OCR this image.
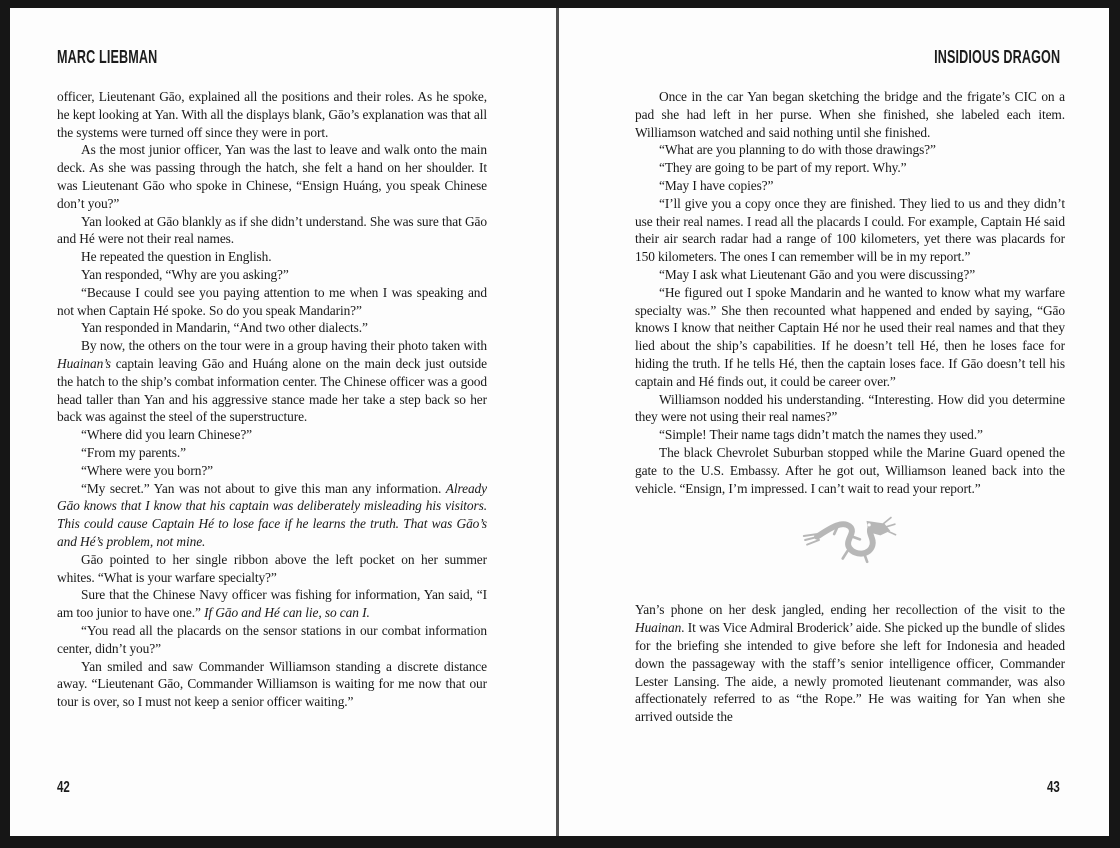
MARC LIEBMAN

officer, Lieutenant Gāo, explained all the positions and their roles. As he spoke, he kept looking at Yan. With all the displays blank, Gāo’s explanation was that all the systems were turned off since they were in port.

As the most junior officer, Yan was the last to leave and walk onto the main deck. As she was passing through the hatch, she felt a hand on her shoulder. It was Lieutenant Gāo who spoke in Chinese, “Ensign Huáng, you speak Chinese don’t you?”

Yan looked at Gāo blankly as if she didn’t understand. She was sure that Gāo and Hé were not their real names.

He repeated the question in English.

Yan responded, “Why are you asking?”

“Because I could see you paying attention to me when I was speaking and not when Captain Hé spoke. So do you speak Mandarin?”

Yan responded in Mandarin, “And two other dialects.”

By now, the others on the tour were in a group having their photo taken with Huainan’s captain leaving Gāo and Huáng alone on the main deck just outside the hatch to the ship’s combat information center. The Chinese officer was a good head taller than Yan and his aggressive stance made her take a step back so her back was against the steel of the superstructure.

“Where did you learn Chinese?”

“From my parents.”

“Where were you born?”

“My secret.” Yan was not about to give this man any information. Already Gāo knows that I know that his captain was deliberately misleading his visitors. This could cause Captain Hé to lose face if he learns the truth. That was Gāo’s and Hé’s problem, not mine.

Gāo pointed to her single ribbon above the left pocket on her summer whites. “What is your warfare specialty?”

Sure that the Chinese Navy officer was fishing for information, Yan said, “I am too junior to have one.” If Gāo and Hé can lie, so can I.

“You read all the placards on the sensor stations in our combat information center, didn’t you?”

Yan smiled and saw Commander Williamson standing a discrete distance away. “Lieutenant Gāo, Commander Williamson is waiting for me now that our tour is over, so I must not keep a senior officer waiting.”

42
INSIDIOUS DRAGON

Once in the car Yan began sketching the bridge and the frigate’s CIC on a pad she had left in her purse. When she finished, she labeled each item. Williamson watched and said nothing until she finished.

“What are you planning to do with those drawings?”

“They are going to be part of my report. Why.”

“May I have copies?”

“I’ll give you a copy once they are finished. They lied to us and they didn’t use their real names. I read all the placards I could. For example, Captain Hé said their air search radar had a range of 100 kilometers, yet there was placards for 150 kilometers. The ones I can remember will be in my report.”

“May I ask what Lieutenant Gāo and you were discussing?”

“He figured out I spoke Mandarin and he wanted to know what my warfare specialty was.” She then recounted what happened and ended by saying, “Gāo knows I know that neither Captain Hé nor he used their real names and that they lied about the ship’s capabilities. If he doesn’t tell Hé, then he loses face for hiding the truth. If he tells Hé, then the captain loses face. If Gāo doesn’t tell his captain and Hé finds out, it could be career over.”

Williamson nodded his understanding. “Interesting. How did you determine they were not using their real names?”

“Simple! Their name tags didn’t match the names they used.”

The black Chevrolet Suburban stopped while the Marine Guard opened the gate to the U.S. Embassy. After he got out, Williamson leaned back into the vehicle. “Ensign, I’m impressed. I can’t wait to read your report.”

Yan’s phone on her desk jangled, ending her recollection of the visit to the Huainan. It was Vice Admiral Broderick’ aide. She picked up the bundle of slides for the briefing she intended to give before she left for Indonesia and headed down the passageway with the staff’s senior intelligence officer, Commander Lester Lansing. The aide, a newly promoted lieutenant commander, was also affectionately referred to as “the Rope.” He was waiting for Yan when she arrived outside the

43
